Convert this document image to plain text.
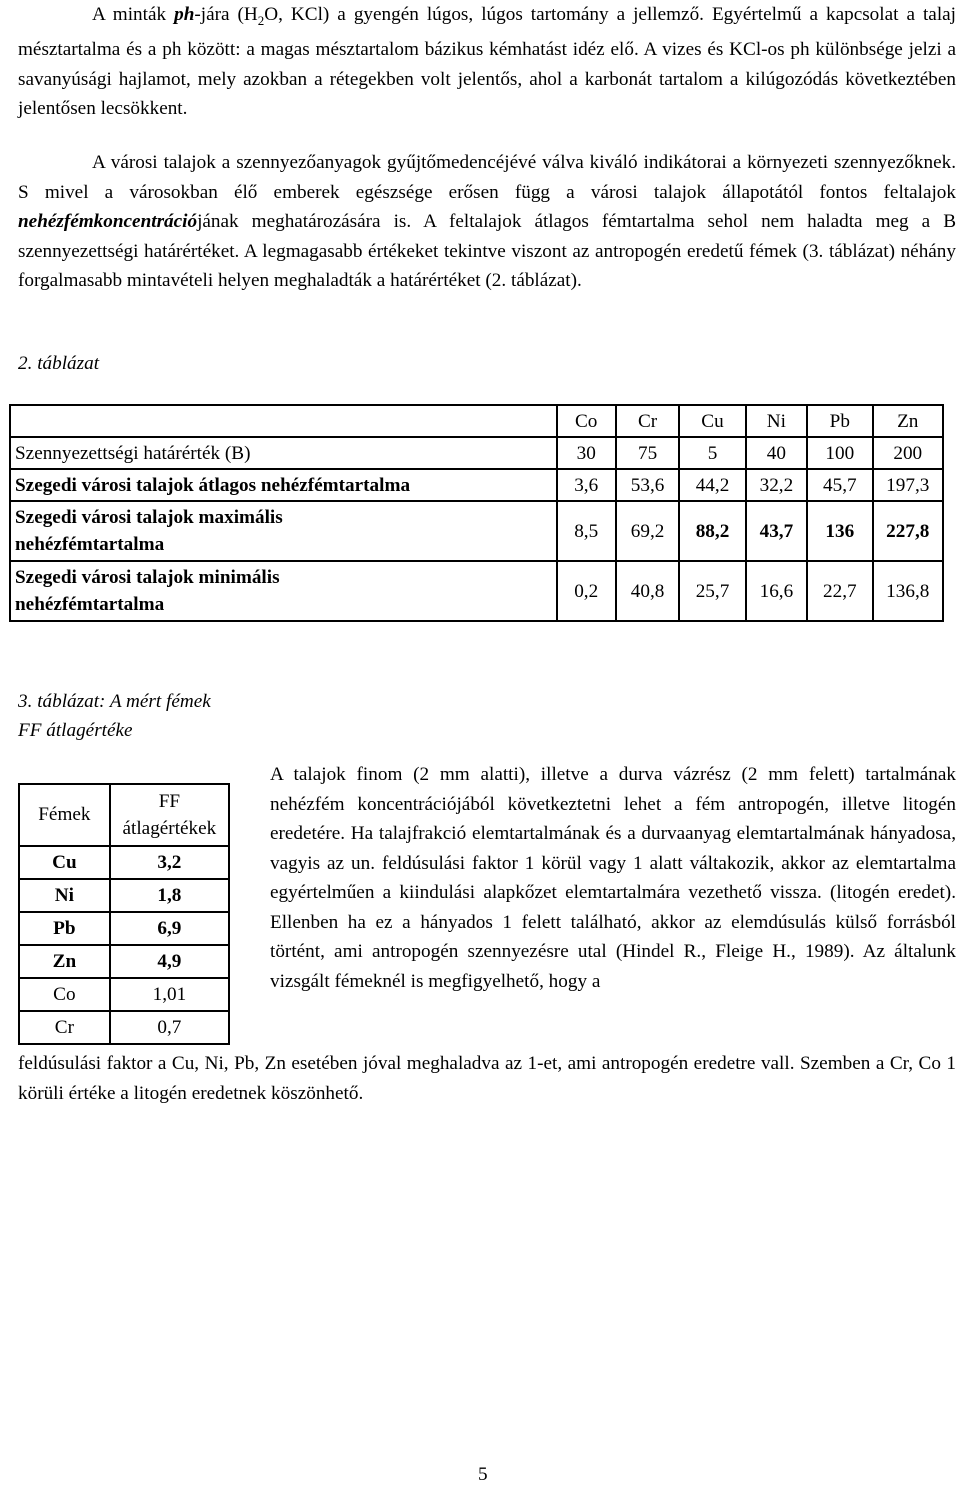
A minták ph-jára ($H_2O$, KCl) a gyengén lúgos, lúgos tartomány a jellemző. Egyértelmű a kapcsolat a talaj mésztartalma és a ph között: a magas mésztartalom bázikus kémhatást idéz elő. A vizes és KCl-os ph különbsége jelzi a savanyúsági hajlamot, mely azokban a rétegekben volt jelentős, ahol a karbonát tartalom a kilúgozódás következtében jelentősen lecsökkent.

A városi talajok a szennyezőanyagok gyűjtőmedencéjévé válva kiváló indikátorai a környezeti szennyezőknek. S mivel a városokban élő emberek egészsége erősen függ a városi talajok állapotától fontos feltalajok nehézfémkoncentrációjának meghatározására is. A feltalajok átlagos fémtartalma sehol nem haladta meg a B szennyezettségi határértéket. A legmagasabb értékeket tekintve viszont az antropogén eredetű fémek (3. táblázat) néhány forgalmasabb mintavételi helyen meghaladták a határértéket (2. táblázat).

2. táblázat
	Co	Cr	Cu	Ni	Pb	Zn
Szennyezettségi határérték (B)	30	75	5	40	100	200
Szegedi városi talajok átlagos nehézfémtartalma	3,6	53,6	44,2	32,2	45,7	197,3

Szegedi városi talajok maximális nehézfémtartalma	8,5	69,2	88,2	43,7	136	227,8

Szegedi városi talajok minimális nehézfémtartalma	0,2	40,8	25,7	16,6	22,7	136,8
3. táblázat: A mért fémek FF átlagértéke
Fémek	FF átlagértékek

Cu	3,2
Ni	1,8
Pb	6,9
Zn	4,9
Co	1,01
Cr	0,7

A talajok finom (2 mm alatti), illetve a durva vázrész (2 mm felett) tartalmának nehézfém koncentrációjából következtetni lehet a fém antropogén, illetve litogén eredetére. Ha talajfrakció elemtartalmának és a durvaanyag elemtartalmának hányadosa, vagyis az un. feldúsulási faktor 1 körül vagy 1 alatt váltakozik, akkor az elemtartalma egyértelműen a kiindulási alapkőzet elemtartalmára vezethető vissza. (litogén eredet). Ellenben ha ez a hányados 1 felett található, akkor az elemdúsulás külső forrásból történt, ami antropogén szennyezésre utal (Hindel R., Fleige H., 1989). Az általunk vizsgált fémeknél is megfigyelhető, hogy a

feldúsulási faktor a Cu, Ni, Pb, Zn esetében jóval meghaladva az 1-et, ami antropogén eredetre vall. Szemben a Cr, Co 1 körüli értéke a litogén eredetnek köszönhető.

5
